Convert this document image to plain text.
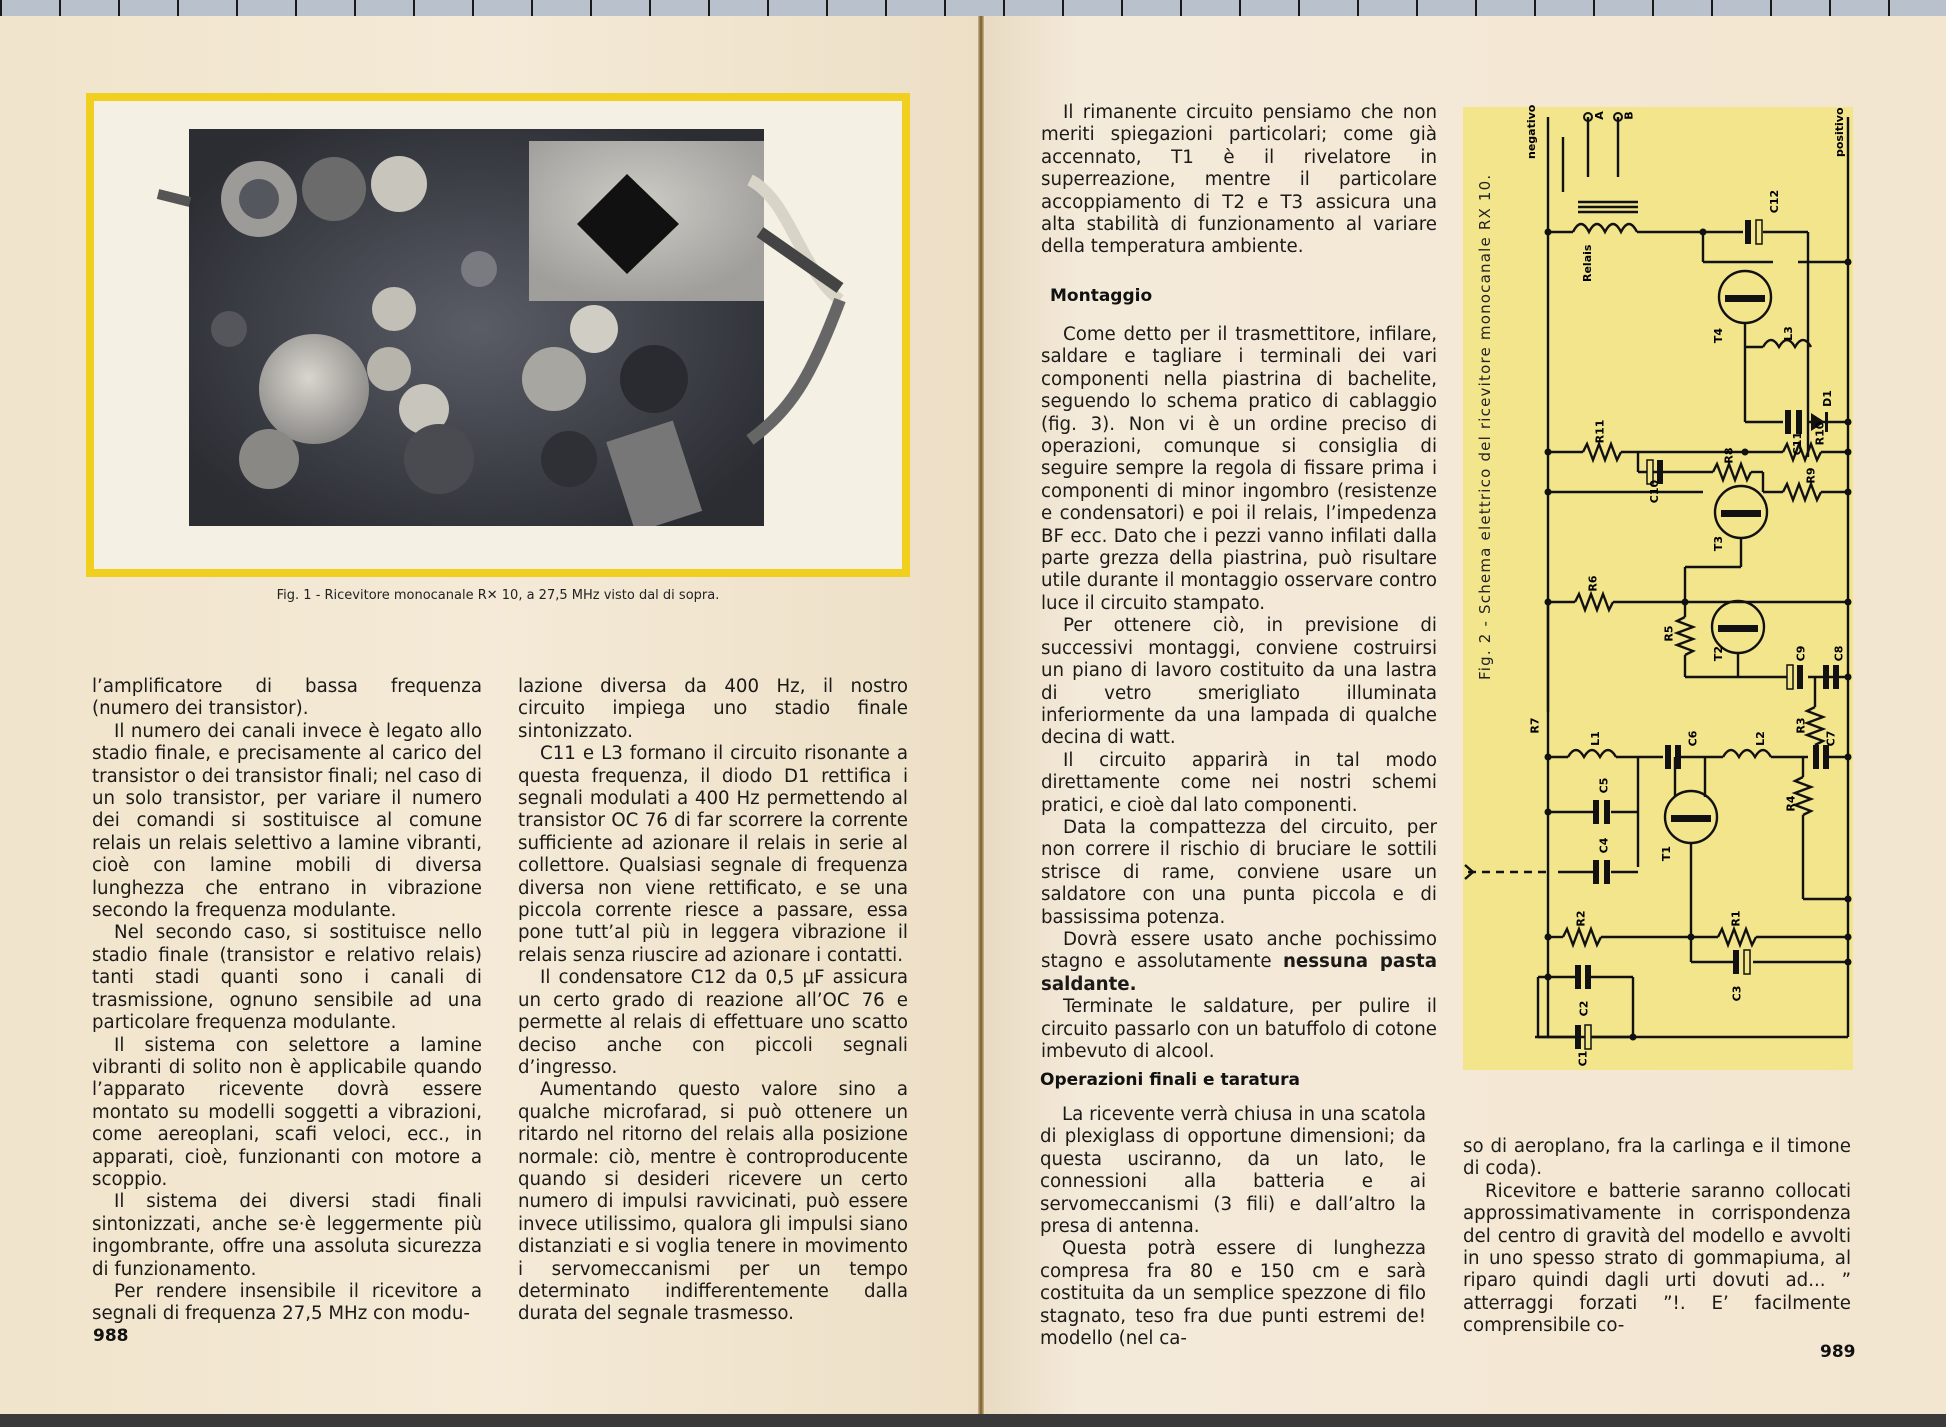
Fig. 1 - Ricevitore monocanale R✕ 10, a 27,5 MHz visto dal di sopra.

l’amplificatore di bassa frequenza (numero dei transistor).

Il numero dei canali invece è legato allo stadio finale, e precisamente al carico del transistor o dei transistor finali; nel caso di un solo transistor, per variare il numero dei comandi si sostituisce al comune relais un relais selettivo a lamine vibranti, cioè con lamine mobili di diversa lunghezza che entrano in vibrazione secondo la frequenza modulante.

Nel secondo caso, si sostituisce nello stadio finale (transistor e relativo relais) tanti stadi quanti sono i canali di trasmissione, ognuno sensibile ad una particolare frequenza modulante.

Il sistema con selettore a lamine vibranti di solito non è applicabile quando l’apparato ricevente dovrà essere montato su modelli soggetti a vibrazioni, come aereoplani, scafi veloci, ecc., in apparati, cioè, funzionanti con motore a scoppio.

Il sistema dei diversi stadi finali sintonizzati, anche se·è leggermente più ingombrante, offre una assoluta sicurezza di funzionamento.

Per rendere insensibile il ricevitore a segnali di frequenza 27,5 MHz con modu-

lazione diversa da 400 Hz, il nostro circuito impiega uno stadio finale sintonizzato.

C11 e L3 formano il circuito risonante a questa frequenza, il diodo D1 rettifica i segnali modulati a 400 Hz permettendo al transistor OC 76 di far scorrere la corrente sufficiente ad azionare il relais in serie al collettore. Qualsiasi segnale di frequenza diversa non viene rettificato, e se una piccola corrente riesce a passare, essa pone tutt’al più in leggera vibrazione il relais senza riuscire ad azionare i contatti.

Il condensatore C12 da 0,5 μF assicura un certo grado di reazione all’OC 76 e permette al relais di effettuare uno scatto deciso anche con piccoli segnali d’ingresso.

Aumentando questo valore sino a qualche microfarad, si può ottenere un ritardo nel ritorno del relais alla posizione normale: ciò, mentre è controproducente quando si desideri ricevere un certo numero di impulsi ravvicinati, può essere invece utilissimo, qualora gli impulsi siano distanziati e si voglia tenere in movimento i servomeccanismi per un tempo determinato indifferentemente dalla durata del segnale trasmesso.

988

Il rimanente circuito pensiamo che non meriti spiegazioni particolari; come già accennato, T1 è il rivelatore in superreazione, mentre il particolare accoppiamento di T2 e T3 assicura una alta stabilità di funzionamento al variare della temperatura ambiente.

Montaggio

Come detto per il trasmettitore, infilare, saldare e tagliare i terminali dei vari componenti nella piastrina di bachelite, seguendo lo schema pratico di cablaggio (fig. 3). Non vi è un ordine preciso di operazioni, comunque si consiglia di seguire sempre la regola di fissare prima i componenti di minor ingombro (resistenze e condensatori) e poi il relais, l’impedenza BF ecc. Dato che i pezzi vanno infilati dalla parte grezza della piastrina, può risultare utile durante il montaggio osservare contro luce il circuito stampato.

Per ottenere ciò, in previsione di successivi montaggi, conviene costruirsi un piano di lavoro costituito da una lastra di vetro smerigliato illuminata inferiormente da una lampada di qualche decina di watt.

Il circuito apparirà in tal modo direttamente come nei nostri schemi pratici, e cioè dal lato componenti.

Data la compattezza del circuito, per non correre il rischio di bruciare le sottili strisce di rame, conviene usare un saldatore con una punta piccola e di bassissima potenza.

Dovrà essere usato anche pochissimo stagno e assolutamente nessuna pasta saldante.

Terminate le saldature, per pulire il circuito passarlo con un batuffolo di cotone imbevuto di alcool.

Operazioni finali e taratura

La ricevente verrà chiusa in una scatola di plexiglass di opportune dimensioni; da questa usciranno, da un lato, le connessioni alla batteria e ai servomeccanismi (3 fili) e dall’altro la presa di antenna.

Questa potrà essere di lunghezza compresa fra 80 e 150 cm e sarà costituita da un semplice spezzone di filo stagnato, teso fra due punti estremi de! modello (nel ca-

so di aeroplano, fra la carlinga e il timone di coda).

Ricevitore e batterie saranno collocati approssimativamente in corrispondenza del centro di gravità del modello e avvolti in uno spesso strato di gommapiuma, al riparo quindi dagli urti dovuti ad... ” atterraggi forzati ”!. E’ facilmente comprensibile co-

989
negativo	positivo
A B
Relais
C12
T4	L3
D1
C11
R11	R10
C10
R8
R9
T3
R6
R5
T2	C9 C8
R7	R3
L1	C6	L2	C7
C5
T1
R4
C4
R2	R1
C2
C3
C1
Fig. 2 - Schema elettrico del ricevitore monocanale RX 10.
